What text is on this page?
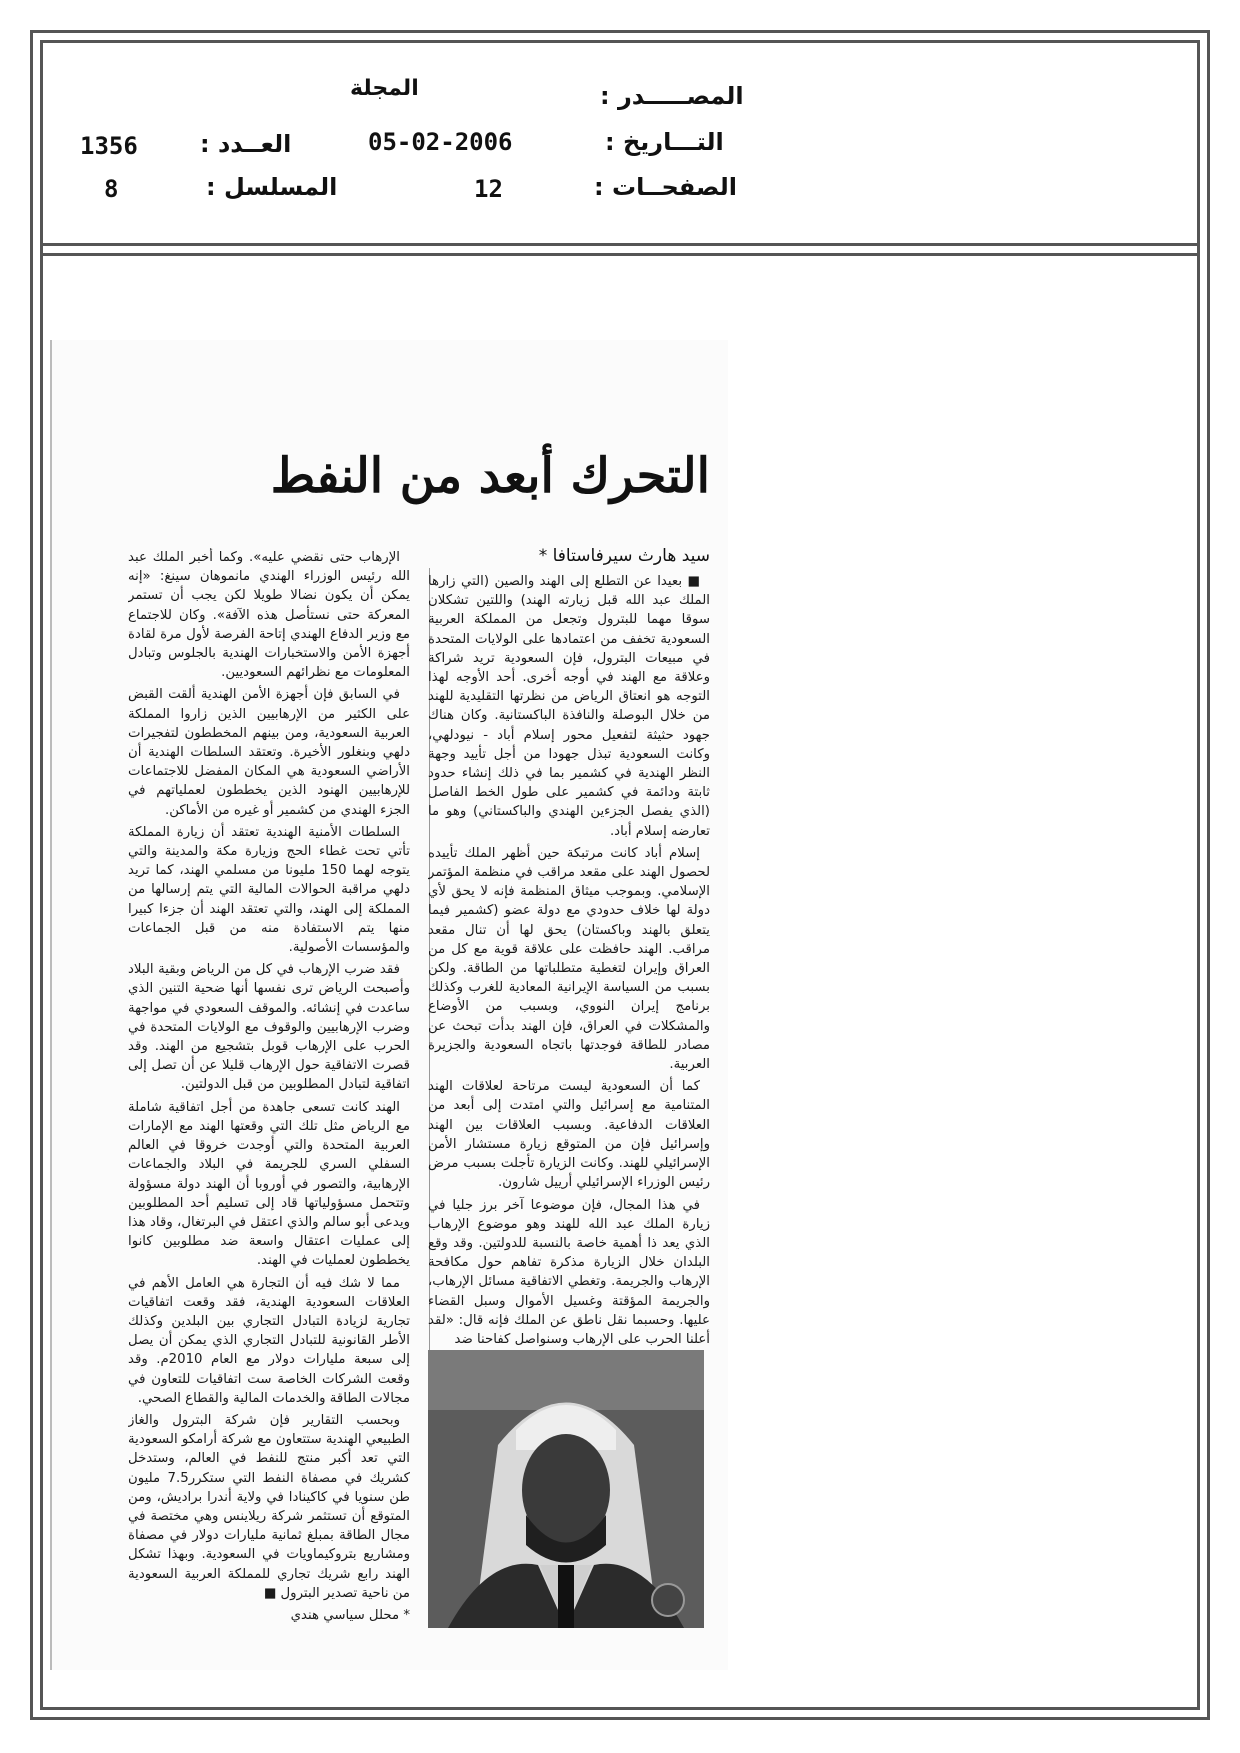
المصـــــدر :
المجلة
التـــاريخ :
05-02-2006
العــدد :
1356
الصفحــات :
12
المسلسل :
8
التحرك أبعد من النفط
سيد هارث سيرفاستافا *

■ بعيدا عن التطلع إلى الهند والصين (التي زارها الملك عبد الله قبل زيارته الهند) واللتين تشكلان سوقا مهما للبترول وتجعل من المملكة العربية السعودية تخفف من اعتمادها على الولايات المتحدة في مبيعات البترول، فإن السعودية تريد شراكة وعلاقة مع الهند في أوجه أخرى. أحد الأوجه لهذا التوجه هو انعتاق الرياض من نظرتها التقليدية للهند من خلال البوصلة والنافذة الباكستانية. وكان هناك جهود حثيثة لتفعيل محور إسلام أباد - نيودلهي، وكانت السعودية تبذل جهودا من أجل تأييد وجهة النظر الهندية في كشمير بما في ذلك إنشاء حدود ثابتة ودائمة في كشمير على طول الخط الفاصل (الذي يفصل الجزءين الهندي والباكستاني) وهو ما تعارضه إسلام أباد.

إسلام أباد كانت مرتبكة حين أظهر الملك تأييده لحصول الهند على مقعد مراقب في منظمة المؤتمر الإسلامي. وبموجب ميثاق المنظمة فإنه لا يحق لأي دولة لها خلاف حدودي مع دولة عضو (كشمير فيما يتعلق بالهند وباكستان) يحق لها أن تنال مقعد مراقب. الهند حافظت على علاقة قوية مع كل من العراق وإيران لتغطية متطلباتها من الطاقة. ولكن بسبب من السياسة الإيرانية المعادية للغرب وكذلك برنامج إيران النووي، وبسبب من الأوضاع والمشكلات في العراق، فإن الهند بدأت تبحث عن مصادر للطاقة فوجدتها باتجاه السعودية والجزيرة العربية.

كما أن السعودية ليست مرتاحة لعلاقات الهند المتنامية مع إسرائيل والتي امتدت إلى أبعد من العلاقات الدفاعية. وبسبب العلاقات بين الهند وإسرائيل فإن من المتوقع زيارة مستشار الأمن الإسرائيلي للهند. وكانت الزيارة تأجلت بسبب مرض رئيس الوزراء الإسرائيلي أرييل شارون.

في هذا المجال، فإن موضوعا آخر برز جليا في زيارة الملك عبد الله للهند وهو موضوع الإرهاب الذي يعد ذا أهمية خاصة بالنسبة للدولتين. وقد وقع البلدان خلال الزيارة مذكرة تفاهم حول مكافحة الإرهاب والجريمة. وتغطي الاتفاقية مسائل الإرهاب، والجريمة المؤقتة وغسيل الأموال وسبل القضاء عليها. وحسبما نقل ناطق عن الملك فإنه قال: «لقد أعلنا الحرب على الإرهاب وسنواصل كفاحنا ضد

الإرهاب حتى نقضي عليه». وكما أخبر الملك عبد الله رئيس الوزراء الهندي مانموهان سينغ: «إنه يمكن أن يكون نضالا طويلا لكن يجب أن تستمر المعركة حتى نستأصل هذه الآفة». وكان للاجتماع مع وزير الدفاع الهندي إتاحة الفرصة لأول مرة لقادة أجهزة الأمن والاستخبارات الهندية بالجلوس وتبادل المعلومات مع نظرائهم السعوديين.

في السابق فإن أجهزة الأمن الهندية ألقت القبض على الكثير من الإرهابيين الذين زاروا المملكة العربية السعودية، ومن بينهم المخططون لتفجيرات دلهي وبنغلور الأخيرة. وتعتقد السلطات الهندية أن الأراضي السعودية هي المكان المفضل للاجتماعات للإرهابيين الهنود الذين يخططون لعملياتهم في الجزء الهندي من كشمير أو غيره من الأماكن.

السلطات الأمنية الهندية تعتقد أن زيارة المملكة تأتي تحت غطاء الحج وزيارة مكة والمدينة والتي يتوجه لهما 150 مليونا من مسلمي الهند، كما تريد دلهي مراقبة الحوالات المالية التي يتم إرسالها من المملكة إلى الهند، والتي تعتقد الهند أن جزءا كبيرا منها يتم الاستفادة منه من قبل الجماعات والمؤسسات الأصولية.

فقد ضرب الإرهاب في كل من الرياض وبقية البلاد وأصبحت الرياض ترى نفسها أنها ضحية التنين الذي ساعدت في إنشائه. والموقف السعودي في مواجهة وضرب الإرهابيين والوقوف مع الولايات المتحدة في الحرب على الإرهاب قوبل بتشجيع من الهند. وقد قصرت الاتفاقية حول الإرهاب قليلا عن أن تصل إلى اتفاقية لتبادل المطلوبين من قبل الدولتين.

الهند كانت تسعى جاهدة من أجل اتفاقية شاملة مع الرياض مثل تلك التي وقعتها الهند مع الإمارات العربية المتحدة والتي أوجدت خروقا في العالم السفلي السري للجريمة في البلاد والجماعات الإرهابية، والتصور في أوروبا أن الهند دولة مسؤولة وتتحمل مسؤولياتها قاد إلى تسليم أحد المطلوبين ويدعى أبو سالم والذي اعتقل في البرتغال، وقاد هذا إلى عمليات اعتقال واسعة ضد مطلوبين كانوا يخططون لعمليات في الهند.

مما لا شك فيه أن التجارة هي العامل الأهم في العلاقات السعودية الهندية، فقد وقعت اتفاقيات تجارية لزيادة التبادل التجاري بين البلدين وكذلك الأطر القانونية للتبادل التجاري الذي يمكن أن يصل إلى سبعة مليارات دولار مع العام 2010م. وقد وقعت الشركات الخاصة ست اتفاقيات للتعاون في مجالات الطاقة والخدمات المالية والقطاع الصحي.

وبحسب التقارير فإن شركة البترول والغاز الطبيعي الهندية ستتعاون مع شركة أرامكو السعودية التي تعد أكبر منتج للنفط في العالم، وستدخل كشريك في مصفاة النفط التي ستكرر7.5 مليون طن سنويا في كاكينادا في ولاية أندرا براديش، ومن المتوقع أن تستثمر شركة ريلاينس وهي مختصة في مجال الطاقة بمبلغ ثمانية مليارات دولار في مصفاة ومشاريع بتروكيماويات في السعودية. وبهذا تشكل الهند رابع شريك تجاري للمملكة العربية السعودية من ناحية تصدير البترول ■

* محلل سياسي هندي
